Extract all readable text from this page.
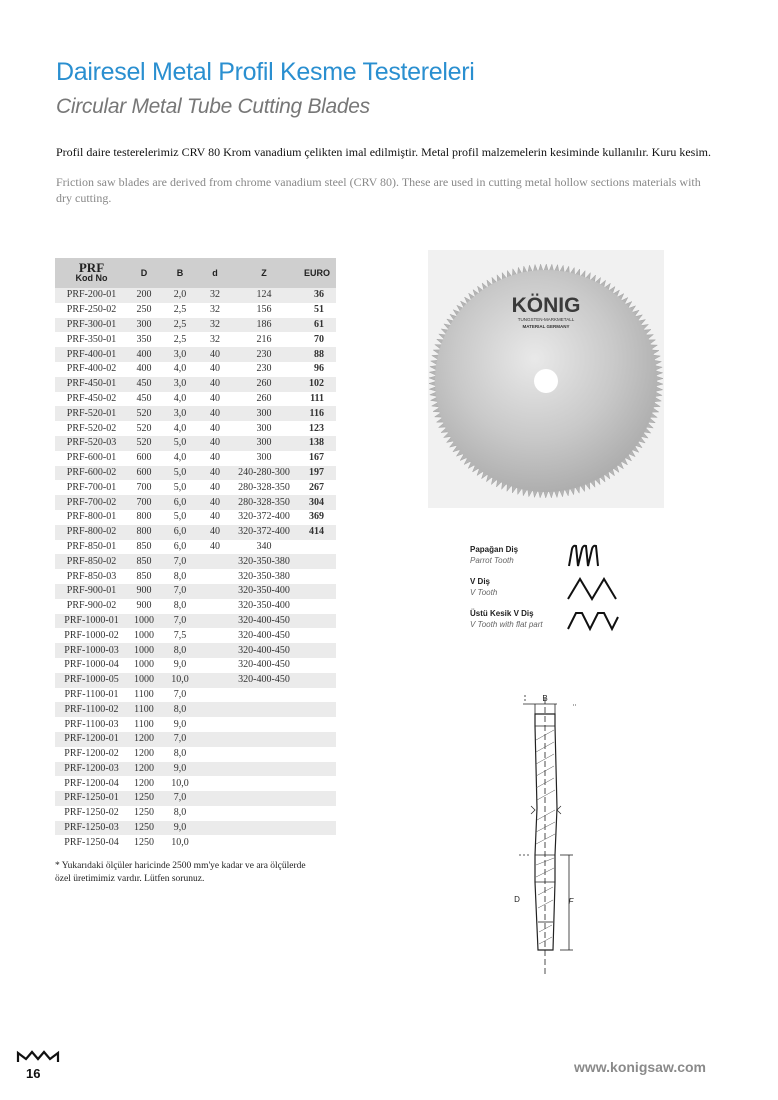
Dairesel Metal Profil Kesme Testereleri
Circular Metal Tube Cutting Blades
Profil daire testerelerimiz CRV 80 Krom vanadium çelikten imal edilmiştir. Metal profil malzemelerin kesiminde kullanılır. Kuru kesim.
Friction saw blades are derived from chrome vanadium steel (CRV 80). These are used in cutting metal hollow sections materials with dry cutting.
PRF
Kod No	D	B	d	Z	EURO
PRF-200-01	200	2,0	32	124	36
PRF-250-02	250	2,5	32	156	51
PRF-300-01	300	2,5	32	186	61
PRF-350-01	350	2,5	32	216	70
PRF-400-01	400	3,0	40	230	88
PRF-400-02	400	4,0	40	230	96
PRF-450-01	450	3,0	40	260	102
PRF-450-02	450	4,0	40	260	111
PRF-520-01	520	3,0	40	300	116
PRF-520-02	520	4,0	40	300	123
PRF-520-03	520	5,0	40	300	138
PRF-600-01	600	4,0	40	300	167
PRF-600-02	600	5,0	40	240-280-300	197
PRF-700-01	700	5,0	40	280-328-350	267
PRF-700-02	700	6,0	40	280-328-350	304
PRF-800-01	800	5,0	40	320-372-400	369
PRF-800-02	800	6,0	40	320-372-400	414
PRF-850-01	850	6,0	40	340	
PRF-850-02	850	7,0		320-350-380	
PRF-850-03	850	8,0		320-350-380	
PRF-900-01	900	7,0		320-350-400	
PRF-900-02	900	8,0		320-350-400	
PRF-1000-01	1000	7,0		320-400-450	
PRF-1000-02	1000	7,5		320-400-450	
PRF-1000-03	1000	8,0		320-400-450	
PRF-1000-04	1000	9,0		320-400-450	
PRF-1000-05	1000	10,0		320-400-450	
PRF-1100-01	1100	7,0			
PRF-1100-02	1100	8,0			
PRF-1100-03	1100	9,0			
PRF-1200-01	1200	7,0			
PRF-1200-02	1200	8,0			
PRF-1200-03	1200	9,0			
PRF-1200-04	1200	10,0			
PRF-1250-01	1250	7,0			
PRF-1250-02	1250	8,0			
PRF-1250-03	1250	9,0			
PRF-1250-04	1250	10,0			
* Yukarıdaki ölçüler haricinde 2500 mm'ye kadar ve ara ölçülerde özel üretimimiz vardır. Lütfen sorunuz.
KÖNIG
TUNGSTEN-MARKMETALL
MATERIAL GERMANY
Papağan Diş
Parrot Tooth
V Diş
V Tooth
Üstü Kesik V Diş
V Tooth with flat part
B
D	F
16	www.konigsaw.com
